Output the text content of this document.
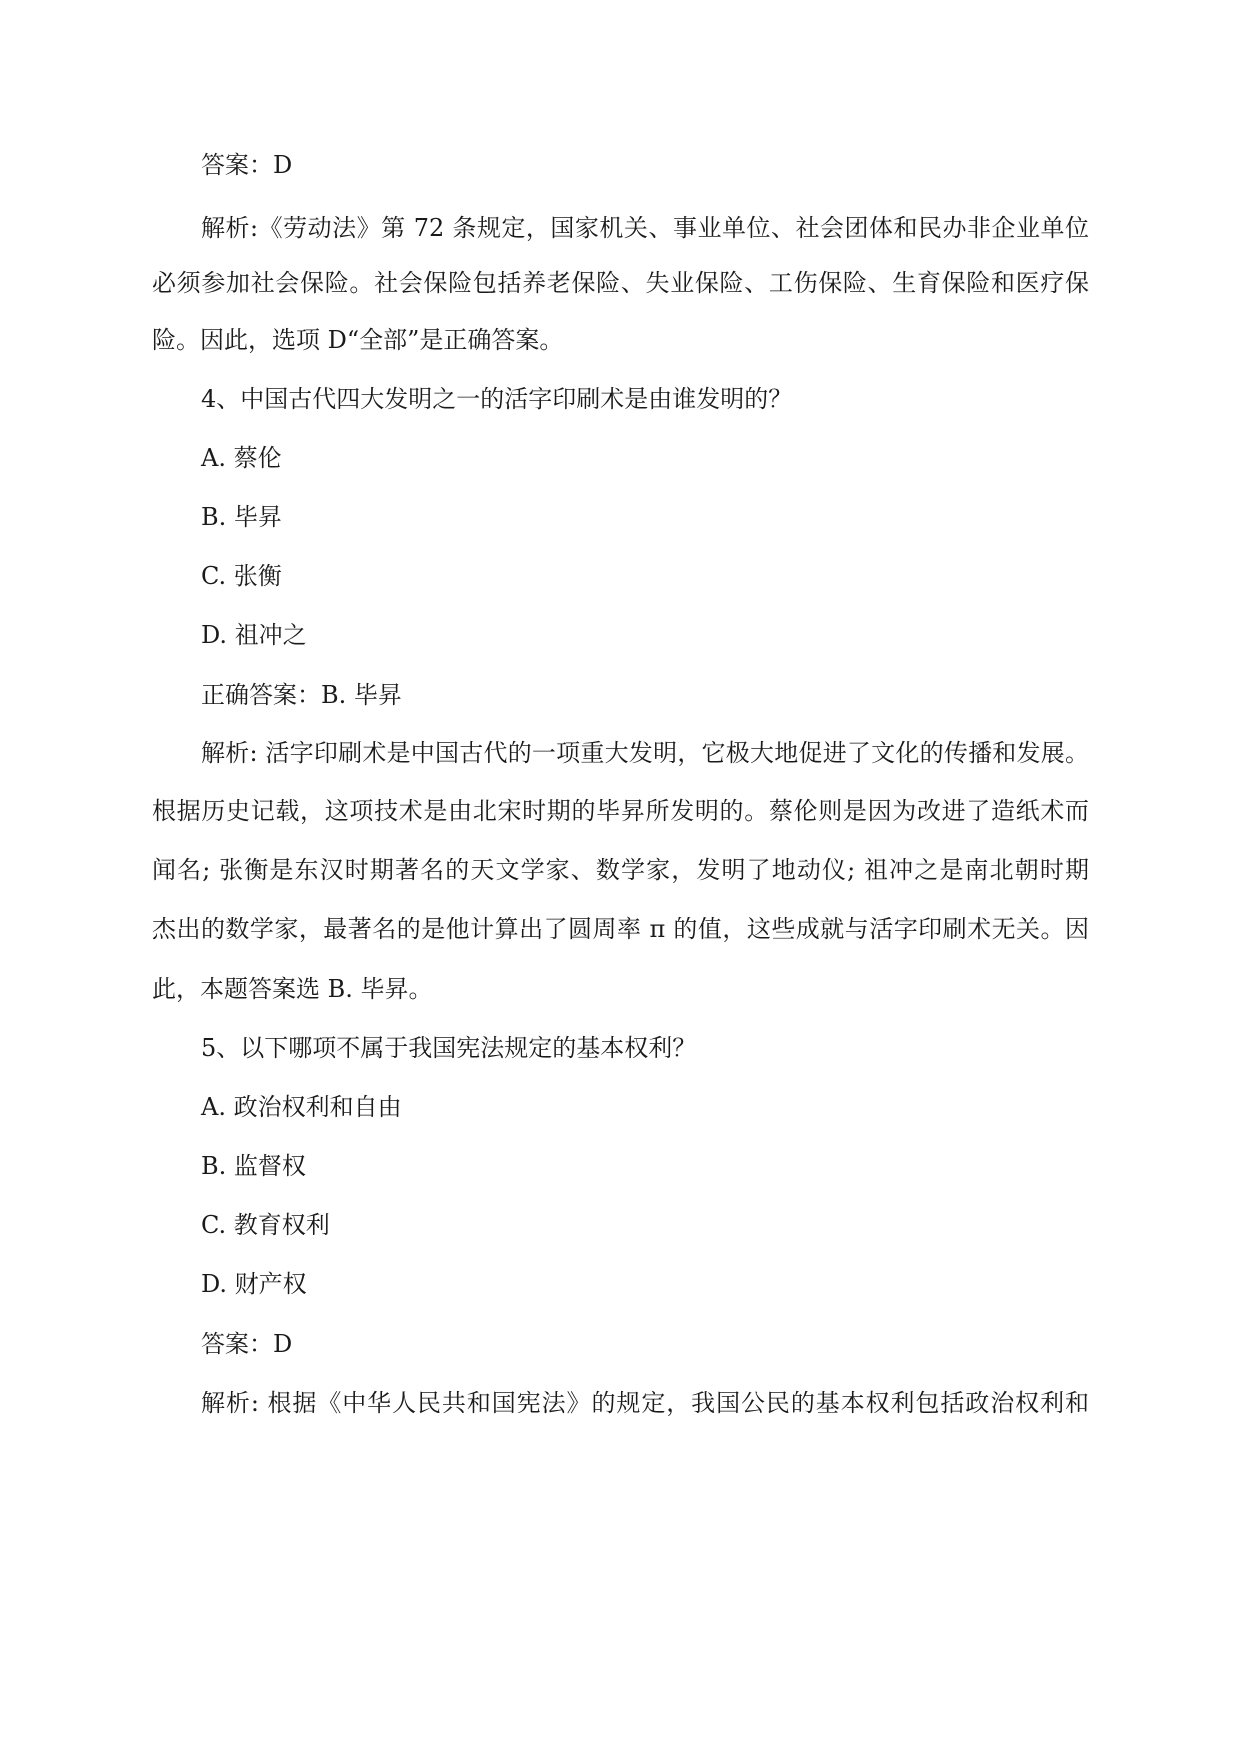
答案：D
解析:《劳动法》第 72 条规定，国家机关、事业单位、社会团体和民办非企业单位
必须参加社会保险。社会保险包括养老保险、失业保险、工伤保险、生育保险和医疗保
险。因此，选项 D“全部”是正确答案。
4、中国古代四大发明之一的活字印刷术是由谁发明的？
A. 蔡伦
B. 毕昇
C. 张衡
D. 祖冲之
正确答案：B. 毕昇
解析: 活字印刷术是中国古代的一项重大发明，它极大地促进了文化的传播和发展。
根据历史记载，这项技术是由北宋时期的毕昇所发明的。蔡伦则是因为改进了造纸术而
闻名; 张衡是东汉时期著名的天文学家、数学家，发明了地动仪; 祖冲之是南北朝时期
杰出的数学家，最著名的是他计算出了圆周率 π 的值，这些成就与活字印刷术无关。因
此，本题答案选 B. 毕昇。
5、以下哪项不属于我国宪法规定的基本权利？
A. 政治权利和自由
B. 监督权
C. 教育权利
D. 财产权
答案：D
解析: 根据《中华人民共和国宪法》的规定，我国公民的基本权利包括政治权利和
